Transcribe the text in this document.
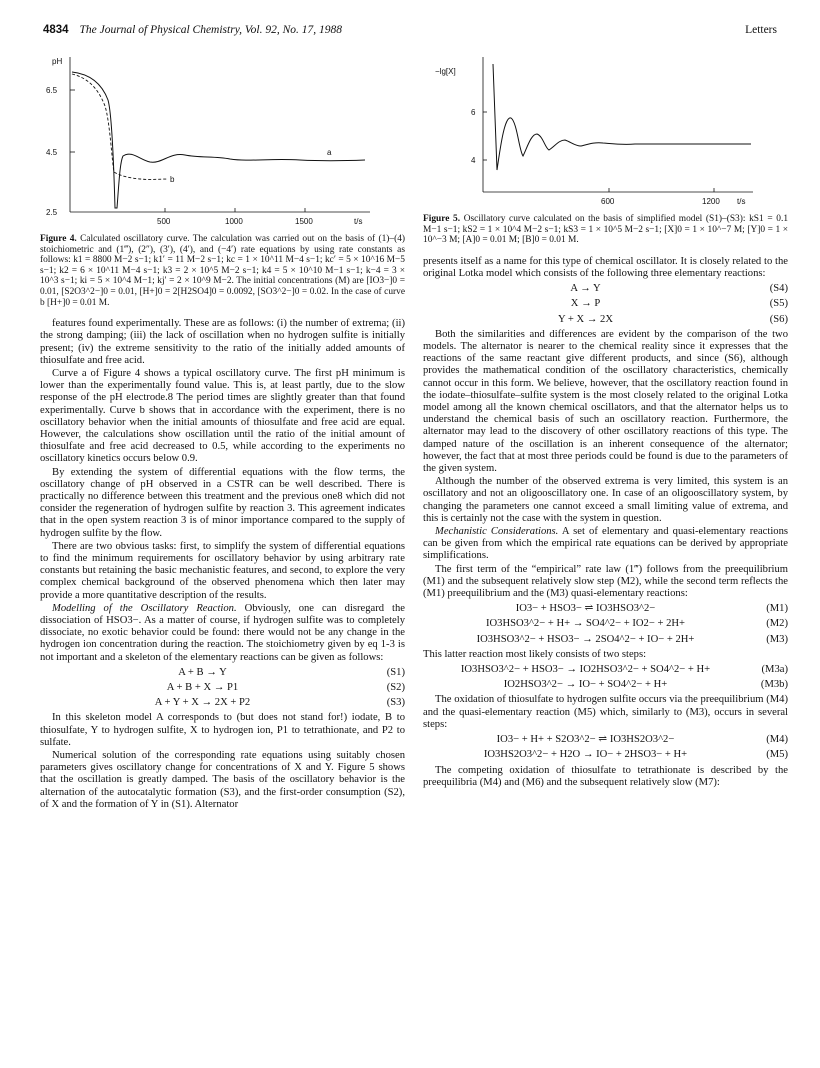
4834 The Journal of Physical Chemistry, Vol. 92, No. 17, 1988	Letters
pH
6.5
4.5
2.5
500	1000	1500	t/s
a
b
Figure 4. Calculated oscillatory curve. The calculation was carried out on the basis of (1)–(4) stoichiometric and (1‴), (2″), (3′), (4′), and (−4′) rate equations by using rate constants as follows: k1 = 8800 M−2 s−1; k1′ = 11 M−2 s−1; kc = 1 × 10^11 M−4 s−1; kc′ = 5 × 10^16 M−5 s−1; k2 = 6 × 10^11 M−4 s−1; k3 = 2 × 10^5 M−2 s−1; k4 = 5 × 10^10 M−1 s−1; k−4 = 3 × 10^3 s−1; ki = 5 × 10^4 M−1; kj′ = 2 × 10^9 M−2. The initial concentrations (M) are [IO3−]0 = 0.01, [S2O3^2−]0 = 0.01, [H+]0 = 2[H2SO4]0 = 0.0092, [SO3^2−]0 = 0.02. In the case of curve b [H+]0 = 0.01 M.

features found experimentally. These are as follows: (i) the number of extrema; (ii) the strong damping; (iii) the lack of oscillation when no hydrogen sulfite is initially present; (iv) the extreme sensitivity to the ratio of the initially added amounts of thiosulfate and free acid.

Curve a of Figure 4 shows a typical oscillatory curve. The first pH minimum is lower than the experimentally found value. This is, at least partly, due to the slow response of the pH electrode.8 The period times are slightly greater than that found experimentally. Curve b shows that in accordance with the experiment, there is no oscillatory behavior when the initial amounts of thiosulfate and free acid are equal. However, the calculations show oscillation until the ratio of the initial amount of thiosulfate and free acid decreased to 0.5, while according to the experiments no oscillatory kinetics occurs below 0.9.

By extending the system of differential equations with the flow terms, the oscillatory change of pH observed in a CSTR can be well described. There is practically no difference between this treatment and the previous one8 which did not consider the regeneration of hydrogen sulfite by reaction 3. This agreement indicates that in the open system reaction 3 is of minor importance compared to the supply of hydrogen sulfite by the flow.

There are two obvious tasks: first, to simplify the system of differential equations to find the minimum requirements for oscillatory behavior by using arbitrary rate constants but retaining the basic mechanistic features, and second, to explore the very complex chemical background of the observed phenomena which then later may provide a more quantitative description of the results.

Modelling of the Oscillatory Reaction. Obviously, one can disregard the dissociation of HSO3−. As a matter of course, if hydrogen sulfite was to completely dissociate, no exotic behavior could be found: there would not be any change in the hydrogen ion concentration during the reaction. The stoichiometry given by eq 1-3 is not important and a skeleton of the elementary reactions can be given as follows:

A + B → Y	(S1)
A + B + X → P1	(S2)
A + Y + X → 2X + P2	(S3)

In this skeleton model A corresponds to (but does not stand for!) iodate, B to thiosulfate, Y to hydrogen sulfite, X to hydrogen ion, P1 to tetrathionate, and P2 to sulfate.

Numerical solution of the corresponding rate equations using suitably chosen parameters gives oscillatory change for concentrations of X and Y. Figure 5 shows that the oscillation is greatly damped. The basis of the oscillatory behavior is the alternation of the autocatalytic formation (S3), and the first-order consumption (S2), of X and the formation of Y in (S1). Alternator

−lg[X]
6
4
600	1200 t/s
Figure 5. Oscillatory curve calculated on the basis of simplified model (S1)–(S3): kS1 = 0.1 M−1 s−1; kS2 = 1 × 10^4 M−2 s−1; kS3 = 1 × 10^5 M−2 s−1; [X]0 = 1 × 10^−7 M; [Y]0 = 1 × 10^−3 M; [A]0 = 0.01 M; [B]0 = 0.01 M.

presents itself as a name for this type of chemical oscillator. It is closely related to the original Lotka model which consists of the following three elementary reactions:

A → Y	(S4)
X → P	(S5)
Y + X → 2X	(S6)

Both the similarities and differences are evident by the comparison of the two models. The alternator is nearer to the chemical reality since it expresses that the reactions of the same reactant give different products, and since (S6), although provides the mathematical condition of the oscillatory characteristics, chemically cannot occur in this form. We believe, however, that the oscillatory reaction found in the iodate–thiosulfate–sulfite system is the most closely related to the original Lotka model among all the known chemical oscillators, and that the alternator helps us to understand the chemical basis of such an oscillatory reaction. Furthermore, the alternator may lead to the discovery of other oscillatory reactions of this type. The damped nature of the oscillation is an inherent consequence of the alternator; however, the fact that at most three periods could be found is due to the parameters of the given system.

Although the number of the observed extrema is very limited, this system is an oscillatory and not an oligooscillatory one. In case of an oligooscillatory system, by changing the parameters one cannot exceed a small limiting value of extrema, and this is certainly not the case with the system in question.

Mechanistic Considerations. A set of elementary and quasi-elementary reactions can be given from which the empirical rate equations can be derived by appropriate simplifications.

The first term of the “empirical” rate law (1‴) follows from the preequilibrium (M1) and the subsequent relatively slow step (M2), while the second term reflects the (M1) preequilibrium and the (M3) quasi-elementary reactions:

IO3− + HSO3− ⇌ IO3HSO3^2−	(M1)
IO3HSO3^2− + H+ → SO4^2− + IO2− + 2H+	(M2)
IO3HSO3^2− + HSO3− → 2SO4^2− + IO− + 2H+	(M3)

This latter reaction most likely consists of two steps:

IO3HSO3^2− + HSO3− → IO2HSO3^2− + SO4^2− + H+	(M3a)
IO2HSO3^2− → IO− + SO4^2− + H+	(M3b)

The oxidation of thiosulfate to hydrogen sulfite occurs via the preequilibrium (M4) and the quasi-elementary reaction (M5) which, similarly to (M3), occurs in several steps:

IO3− + H+ + S2O3^2− ⇌ IO3HS2O3^2−	(M4)
IO3HS2O3^2− + H2O → IO− + 2HSO3− + H+	(M5)

The competing oxidation of thiosulfate to tetrathionate is described by the preequilibria (M4) and (M6) and the subsequent relatively slow (M7):
